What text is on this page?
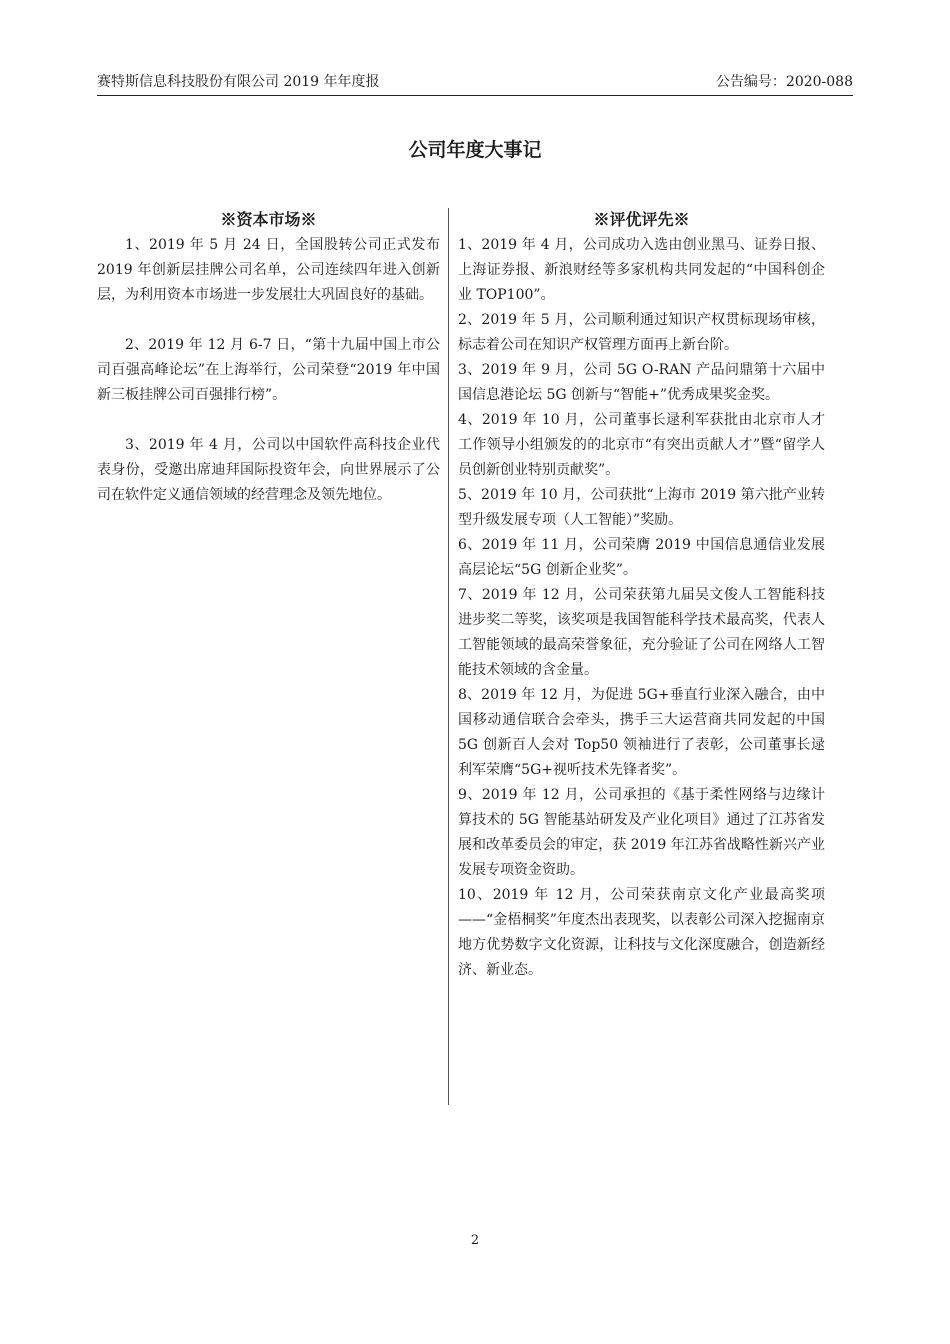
赛特斯信息科技股份有限公司 2019 年年度报	公告编号：2020-088
公司年度大事记
※资本市场※

1、2019 年 5 月 24 日，全国股转公司正式发布 2019 年创新层挂牌公司名单，公司连续四年进入创新层，为利用资本市场进一步发展壮大巩固良好的基础。

2、2019 年 12 月 6-7 日，“第十九届中国上市公司百强高峰论坛”在上海举行，公司荣登“2019 年中国新三板挂牌公司百强排行榜”。

3、2019 年 4 月，公司以中国软件高科技企业代表身份，受邀出席迪拜国际投资年会，向世界展示了公司在软件定义通信领域的经营理念及领先地位。

※评优评先※

1、2019 年 4 月，公司成功入选由创业黑马、证券日报、上海证券报、新浪财经等多家机构共同发起的“中国科创企业 TOP100”。

2、2019 年 5 月，公司顺利通过知识产权贯标现场审核，标志着公司在知识产权管理方面再上新台阶。

3、2019 年 9 月，公司 5G O-RAN 产品问鼎第十六届中国信息港论坛 5G 创新与“智能+”优秀成果奖金奖。

4、2019 年 10 月，公司董事长逯利军获批由北京市人才工作领导小组颁发的的北京市“有突出贡献人才”暨“留学人员创新创业特别贡献奖”。

5、2019 年 10 月，公司获批“上海市 2019 第六批产业转型升级发展专项（人工智能）”奖励。

6、2019 年 11 月，公司荣膺 2019 中国信息通信业发展高层论坛“5G 创新企业奖”。

7、2019 年 12 月，公司荣获第九届吴文俊人工智能科技进步奖二等奖，该奖项是我国智能科学技术最高奖，代表人工智能领域的最高荣誉象征，充分验证了公司在网络人工智能技术领域的含金量。

8、2019 年 12 月，为促进 5G+垂直行业深入融合，由中国移动通信联合会牵头，携手三大运营商共同发起的中国 5G 创新百人会对 Top50 领袖进行了表彰，公司董事长逯利军荣膺“5G+视听技术先锋者奖”。

9、2019 年 12 月，公司承担的《基于柔性网络与边缘计算技术的 5G 智能基站研发及产业化项目》通过了江苏省发展和改革委员会的审定，获 2019 年江苏省战略性新兴产业发展专项资金资助。

10、2019 年 12 月，公司荣获南京文化产业最高奖项 ——“金梧桐奖”年度杰出表现奖，以表彰公司深入挖掘南京地方优势数字文化资源，让科技与文化深度融合，创造新经济、新业态。

2
